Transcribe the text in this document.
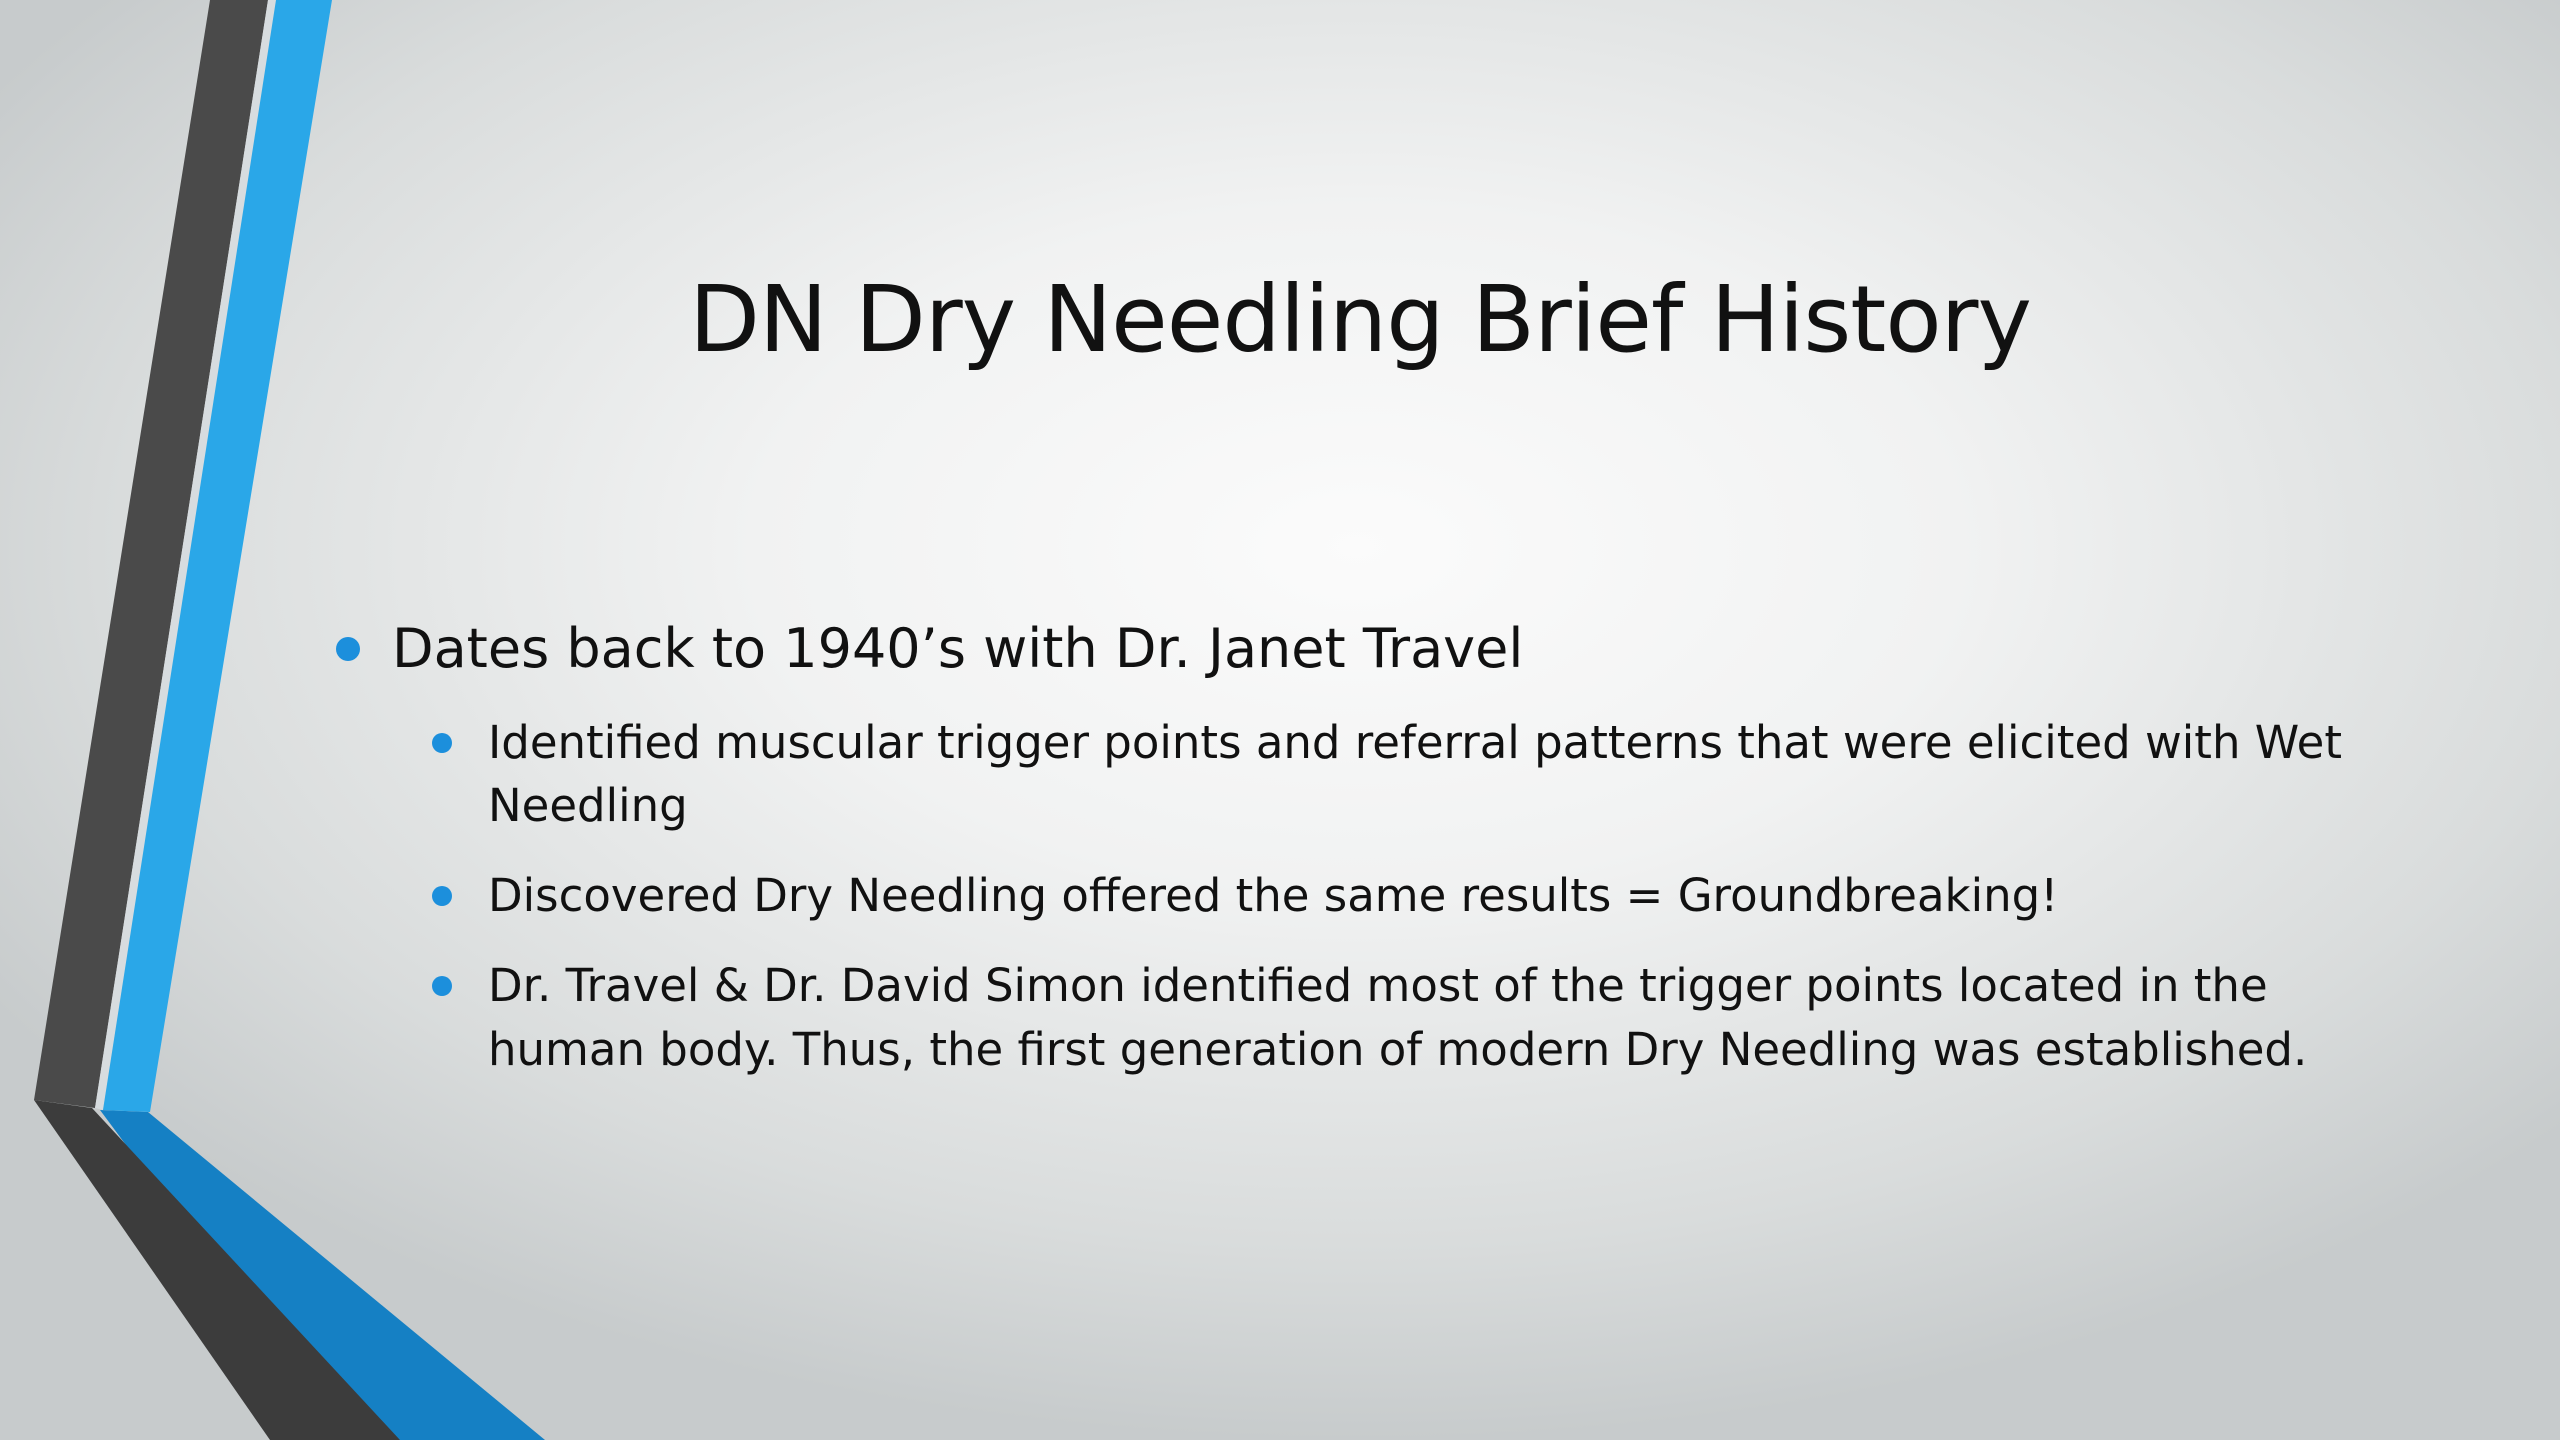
DN Dry Needling Brief History
Dates back to 1940’s with Dr. Janet Travel
Identified muscular trigger points and referral patterns that were elicited with Wet Needling
Discovered Dry Needling offered the same results = Groundbreaking!
Dr. Travel & Dr. David Simon identified most of the trigger points located in the human body. Thus, the first generation of modern Dry Needling was established.
